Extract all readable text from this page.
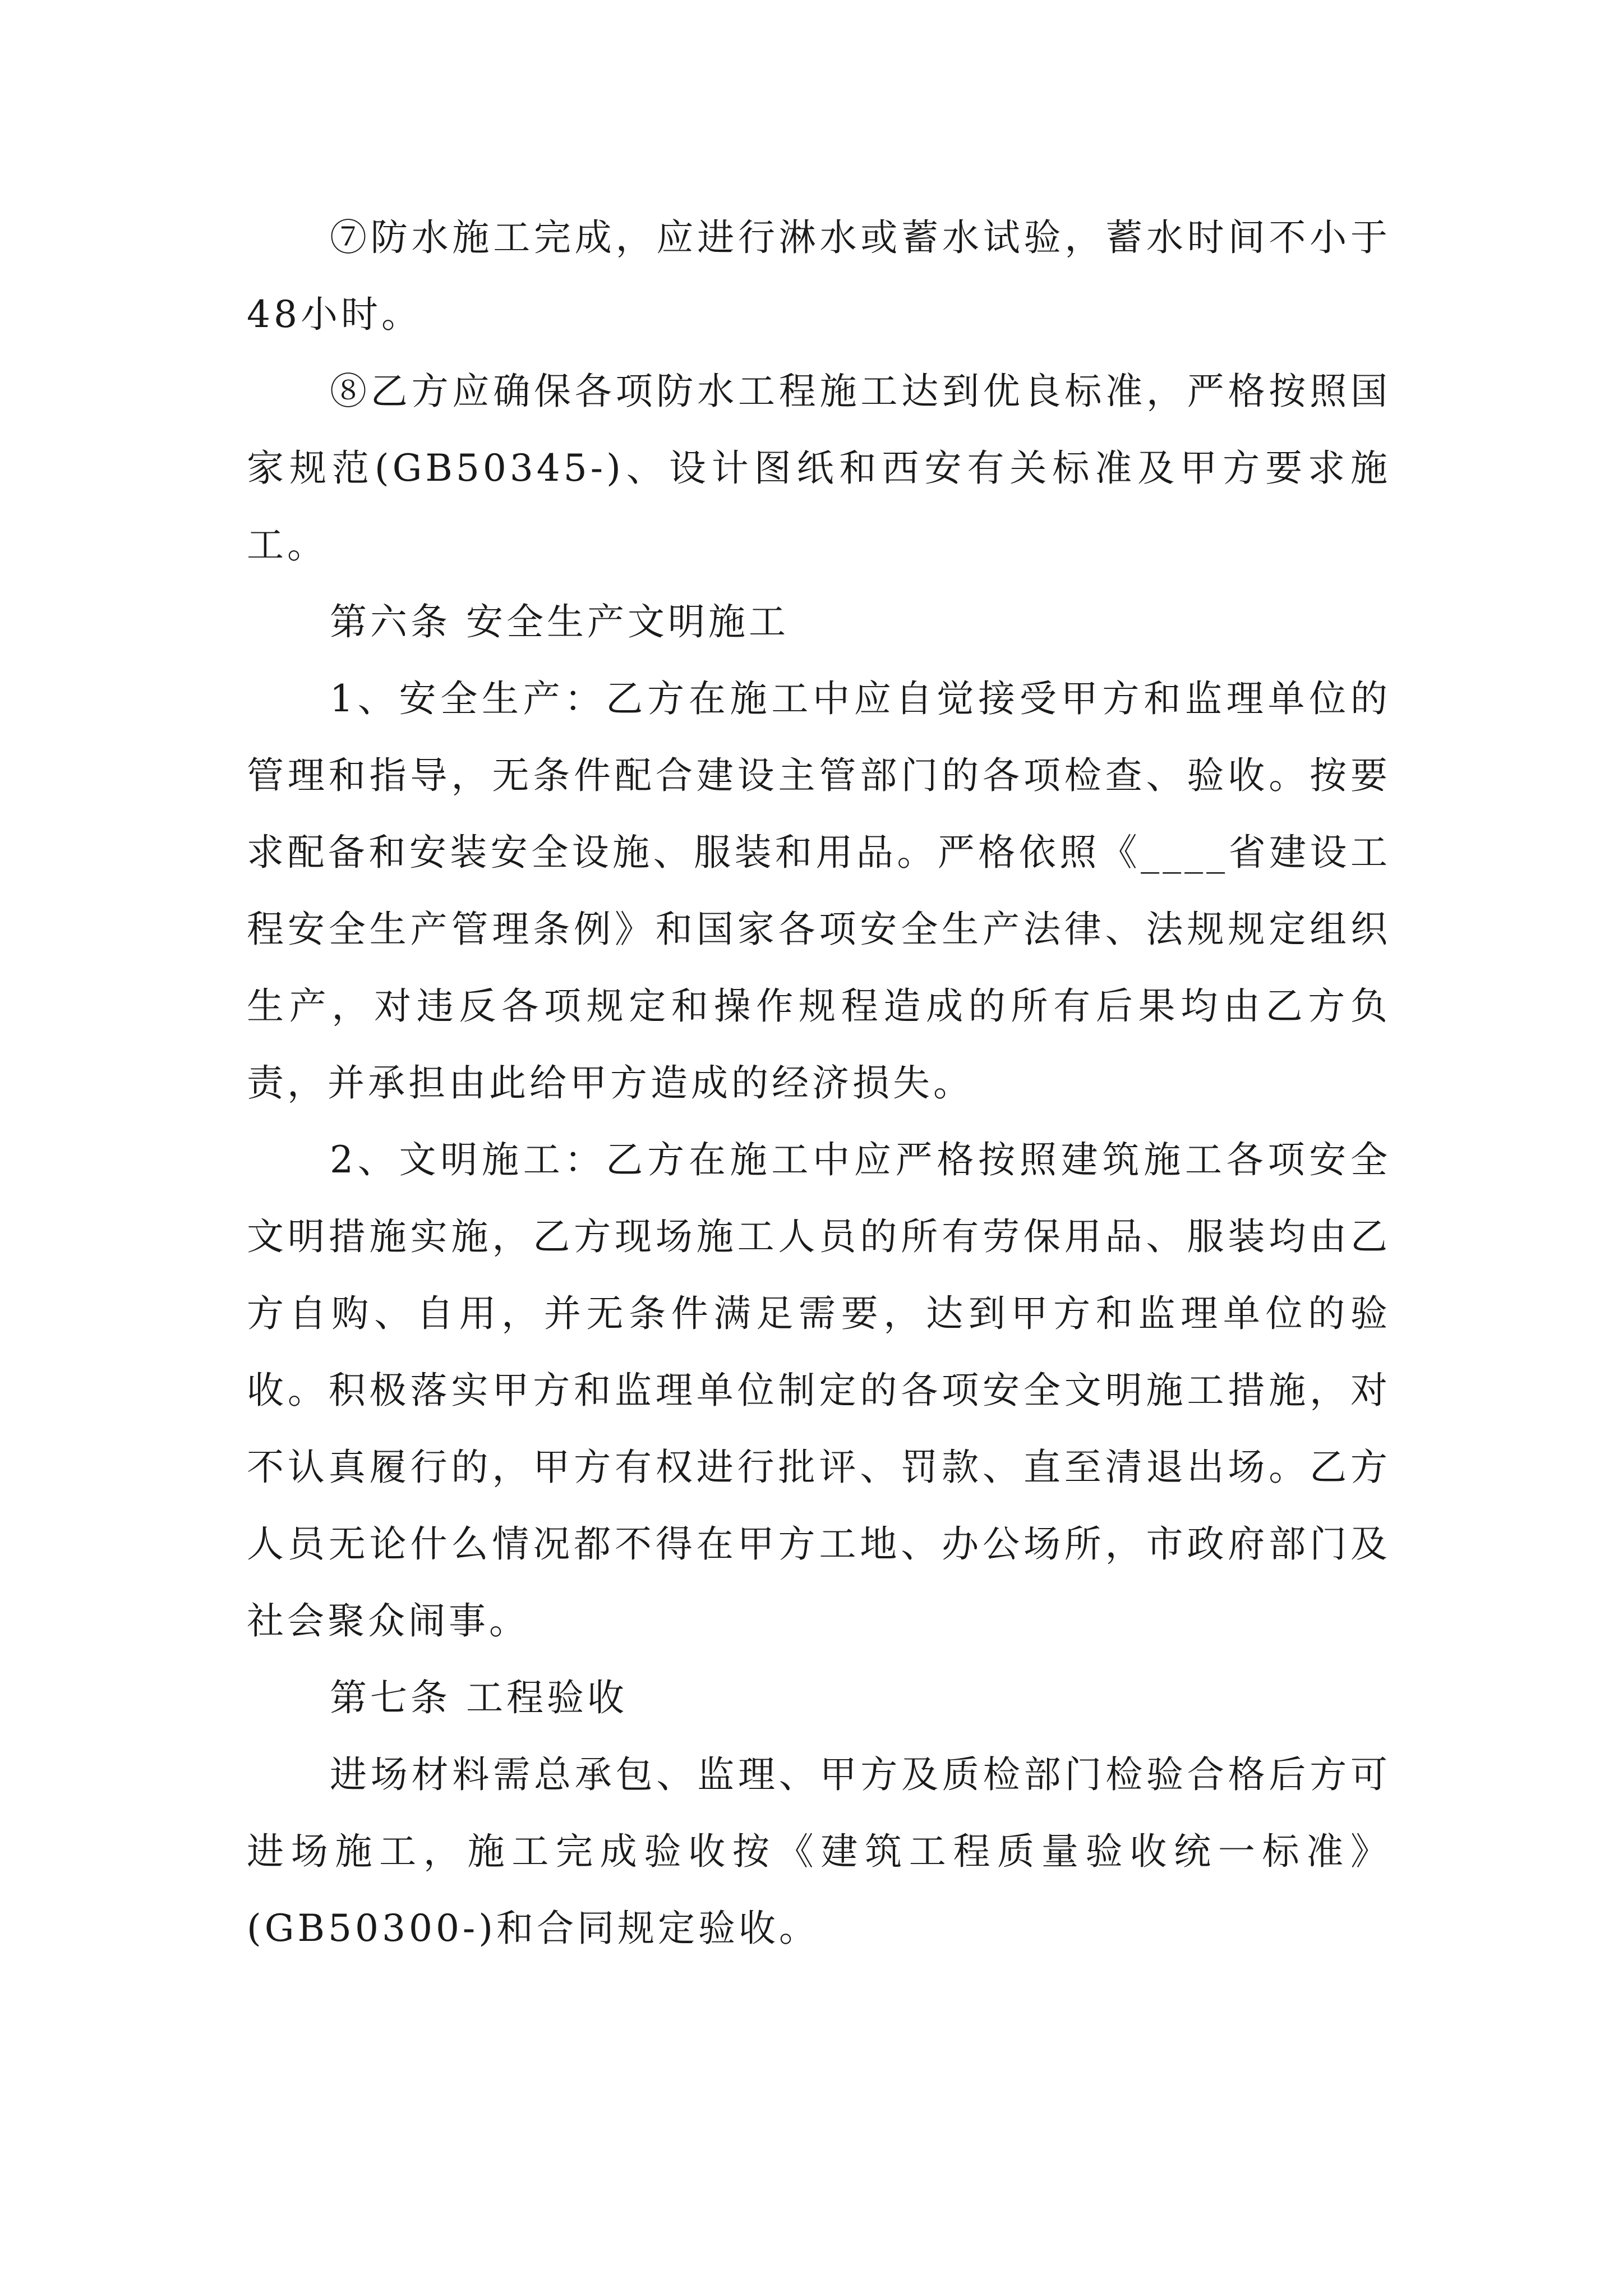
⑦防水施工完成，应进行淋水或蓄水试验，蓄水时间不小于48小时。

⑧乙方应确保各项防水工程施工达到优良标准，严格按照国家规范(GB50345-)、设计图纸和西安有关标准及甲方要求施工。

第六条 安全生产文明施工

1、安全生产：乙方在施工中应自觉接受甲方和监理单位的管理和指导，无条件配合建设主管部门的各项检查、验收。按要求配备和安装安全设施、服装和用品。严格依照《____省建设工程安全生产管理条例》和国家各项安全生产法律、法规规定组织生产，对违反各项规定和操作规程造成的所有后果均由乙方负责，并承担由此给甲方造成的经济损失。

2、文明施工：乙方在施工中应严格按照建筑施工各项安全文明措施实施，乙方现场施工人员的所有劳保用品、服装均由乙方自购、自用，并无条件满足需要，达到甲方和监理单位的验收。积极落实甲方和监理单位制定的各项安全文明施工措施，对不认真履行的，甲方有权进行批评、罚款、直至清退出场。乙方人员无论什么情况都不得在甲方工地、办公场所，市政府部门及社会聚众闹事。

第七条 工程验收

进场材料需总承包、监理、甲方及质检部门检验合格后方可进场施工，施工完成验收按《建筑工程质量验收统一标准》(GB50300-)和合同规定验收。
